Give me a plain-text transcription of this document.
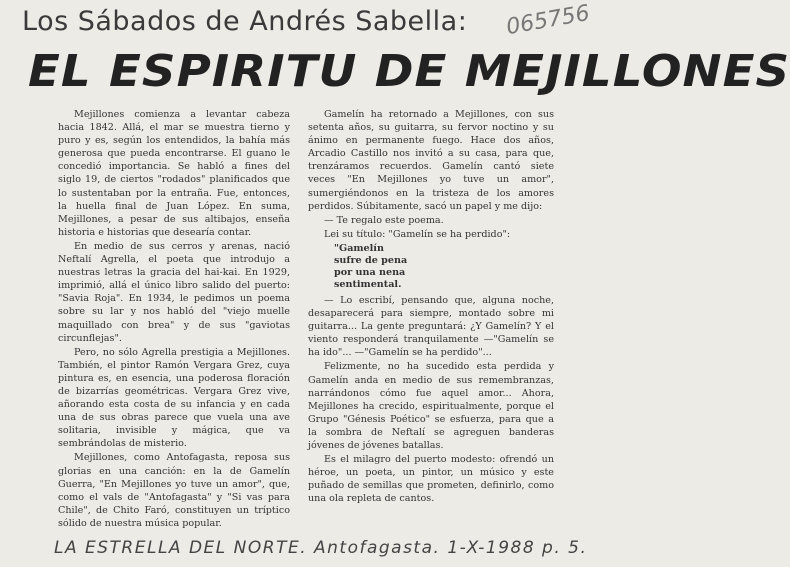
Los Sábados de Andrés Sabella: 065756
EL ESPIRITU DE MEJILLONES

Mejillones comienza a levantar cabeza hacia 1842. Allá, el mar se muestra tierno y puro y es, según los entendidos, la bahía más generosa que pueda encontrarse. El guano le concedió importancia. Se habló a fines del siglo 19, de ciertos "rodados" planificados que lo sustentaban por la entraña. Fue, entonces, la huella final de Juan López. En suma, Mejillones, a pesar de sus altibajos, enseña historia e historias que desearía contar.

En medio de sus cerros y arenas, nació Neftalí Agrella, el poeta que introdujo a nuestras letras la gracia del hai-kai. En 1929, imprimió, allá el único libro salido del puerto: "Savia Roja". En 1934, le pedimos un poema sobre su lar y nos habló del "viejo muelle maquillado con brea" y de sus "gaviotas circunflejas".

Pero, no sólo Agrella prestigia a Mejillones. También, el pintor Ramón Vergara Grez, cuya pintura es, en esencia, una poderosa floración de bizarrías geométricas. Vergara Grez vive, añorando esta costa de su infancia y en cada una de sus obras parece que vuela una ave solitaria, invisible y mágica, que va sembrándolas de misterio.

Mejillones, como Antofagasta, reposa sus glorias en una canción: en la de Gamelín Guerra, "En Mejillones yo tuve un amor", que, como el vals de "Antofagasta" y "Si vas para Chile", de Chito Faró, constituyen un tríptico sólido de nuestra música popular.

Gamelín ha retornado a Mejillones, con sus setenta años, su guitarra, su fervor noctino y su ánimo en permanente fuego. Hace dos años, Arcadio Castillo nos invitó a su casa, para que, trenzáramos recuerdos. Gamelín cantó siete veces "En Mejillones yo tuve un amor", sumergiéndonos en la tristeza de los amores perdidos. Súbitamente, sacó un papel y me dijo:

— Te regalo este poema.

Lei su título: "Gamelín se ha perdido":

"Gamelín
sufre de pena
por una nena
sentimental.

— Lo escribí, pensando que, alguna noche, desaparecerá para siempre, montado sobre mi guitarra... La gente preguntará: ¿Y Gamelín? Y el viento responderá tranquilamente —"Gamelín se ha ido"... —"Gamelín se ha perdido"...

Felizmente, no ha sucedido esta perdida y Gamelín anda en medio de sus remembranzas, narrándonos cómo fue aquel amor... Ahora, Mejillones ha crecido, espiritualmente, porque el Grupo "Génesis Poético" se esfuerza, para que a la sombra de Neftalí se agreguen banderas jóvenes de jóvenes batallas.

Es el milagro del puerto modesto: ofrendó un héroe, un poeta, un pintor, un músico y este puñado de semillas que prometen, definirlo, como una ola repleta de cantos.

LA ESTRELLA DEL NORTE. Antofagasta. 1-X-1988 p. 5.
